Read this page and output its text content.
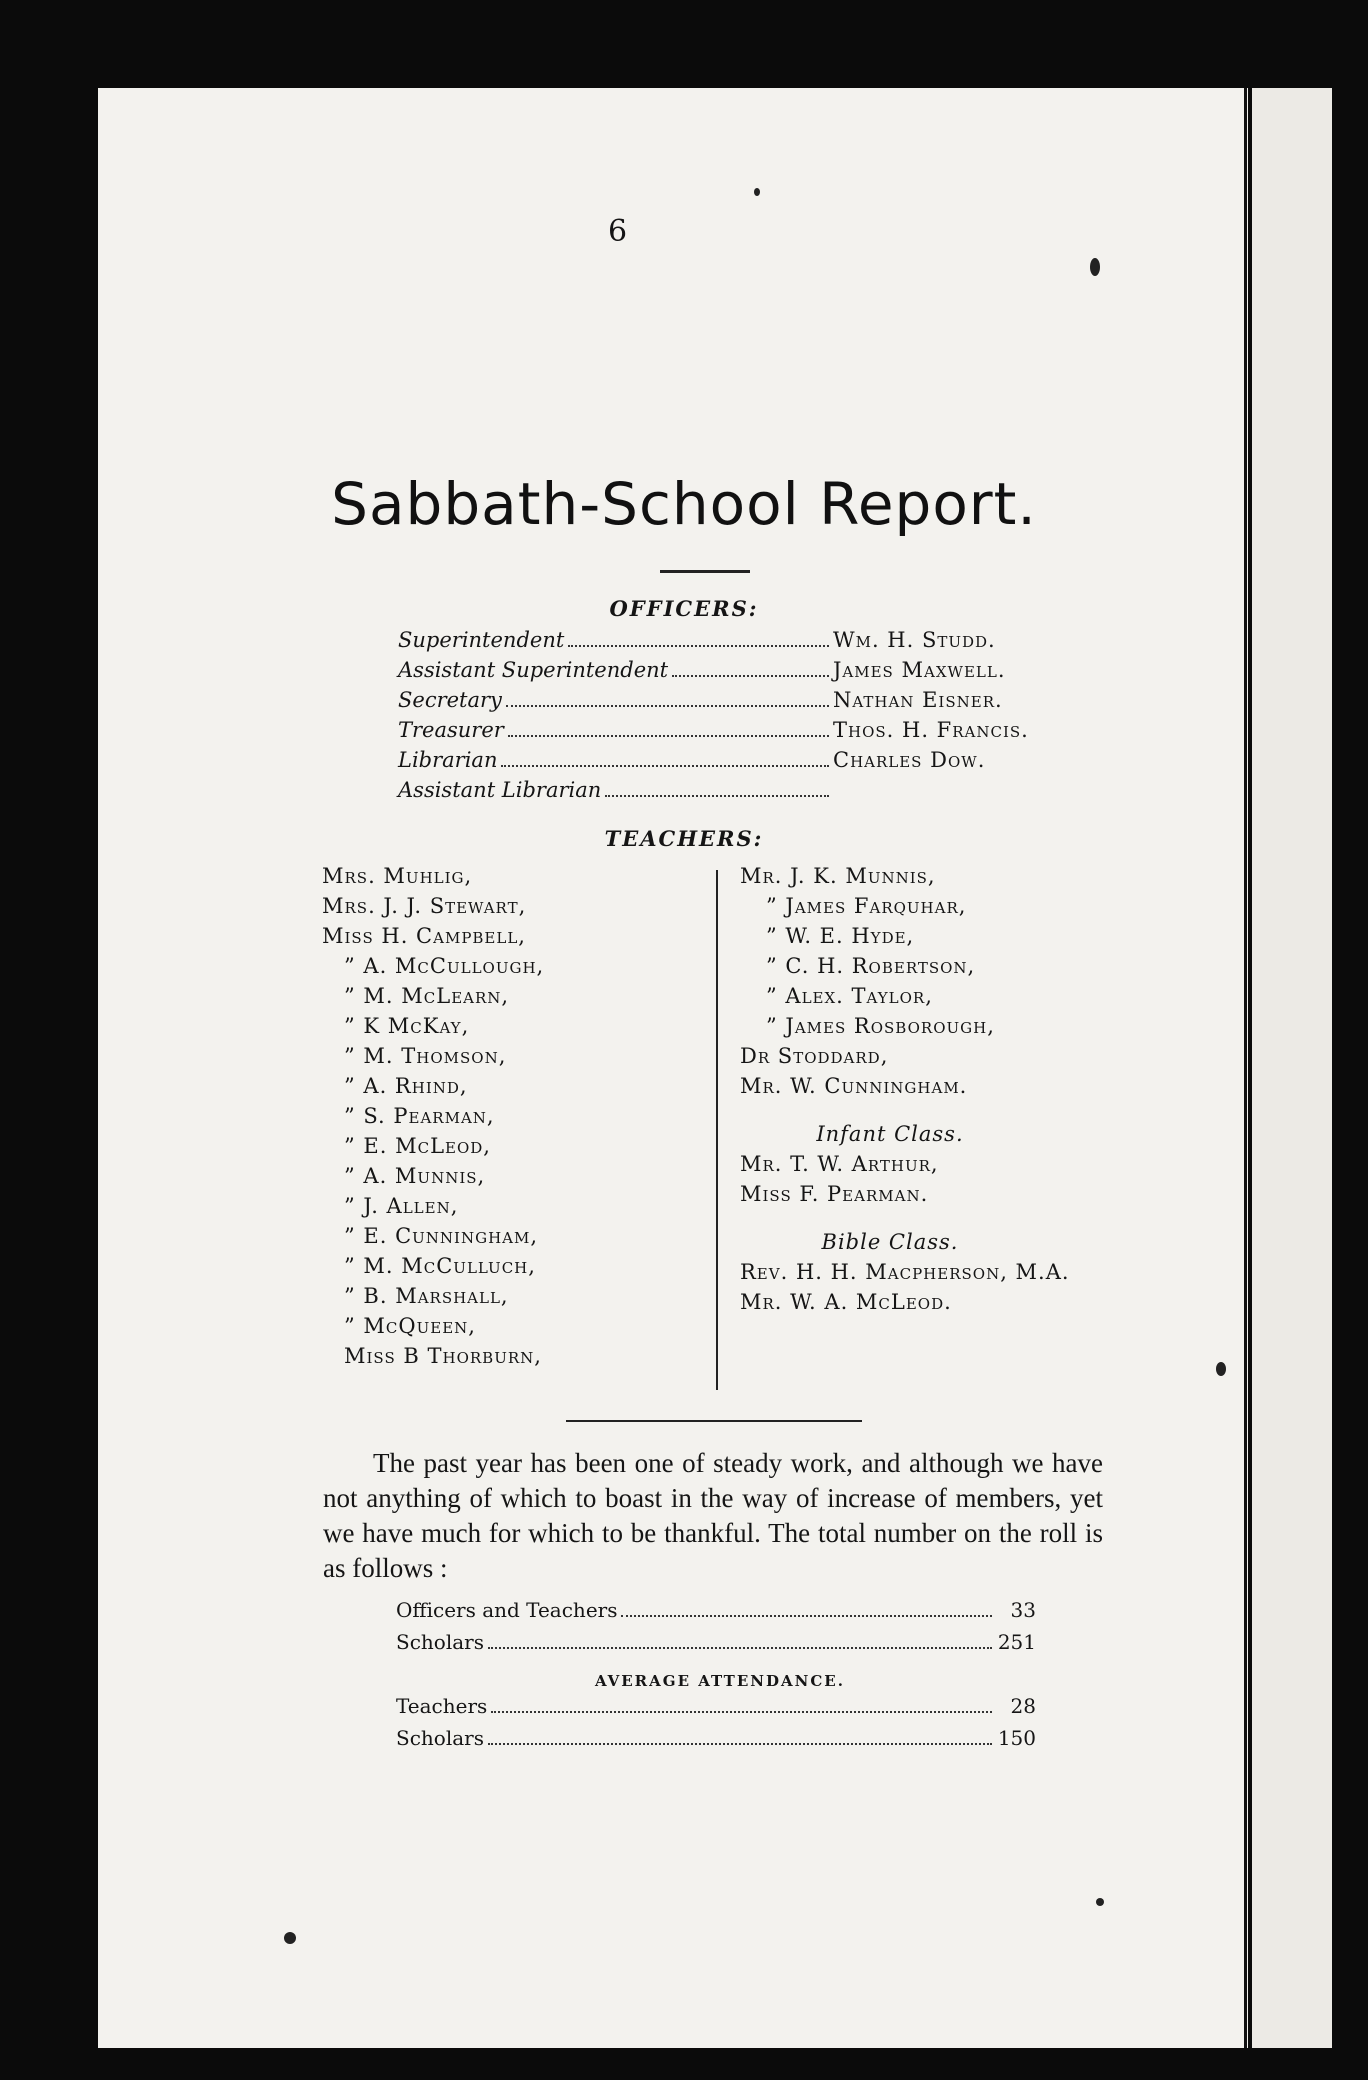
6
Sabbath-School Report.
OFFICERS:
Superintendent	Wm. H. Studd.
Assistant Superintendent	James Maxwell.
Secretary	Nathan Eisner.
Treasurer	Thos. H. Francis.
Librarian	Charles Dow.
Assistant Librarian
TEACHERS:
Mrs. Muhlig,
Mrs. J. J. Stewart,
Miss H. Campbell,
” A. McCullough,
” M. McLearn,
” K McKay,
” M. Thomson,
” A. Rhind,
” S. Pearman,
” E. McLeod,
” A. Munnis,
” J. Allen,
” E. Cunningham,
” M. McCulluch,
” B. Marshall,
” McQueen,
Miss B Thorburn,
Mr. J. K. Munnis,
” James Farquhar,
” W. E. Hyde,
” C. H. Robertson,
” Alex. Taylor,
” James Rosborough,
Dr Stoddard,
Mr. W. Cunningham.
Infant Class.
Mr. T. W. Arthur,
Miss F. Pearman.
Bible Class.
Rev. H. H. Macpherson, M.A.
Mr. W. A. McLeod.
The past year has been one of steady work, and although we have not anything of which to boast in the way of increase of members, yet we have much for which to be thankful. The total number on the roll is as follows :
Officers and Teachers	33
Scholars	251
AVERAGE ATTENDANCE.
Teachers	28
Scholars	150
